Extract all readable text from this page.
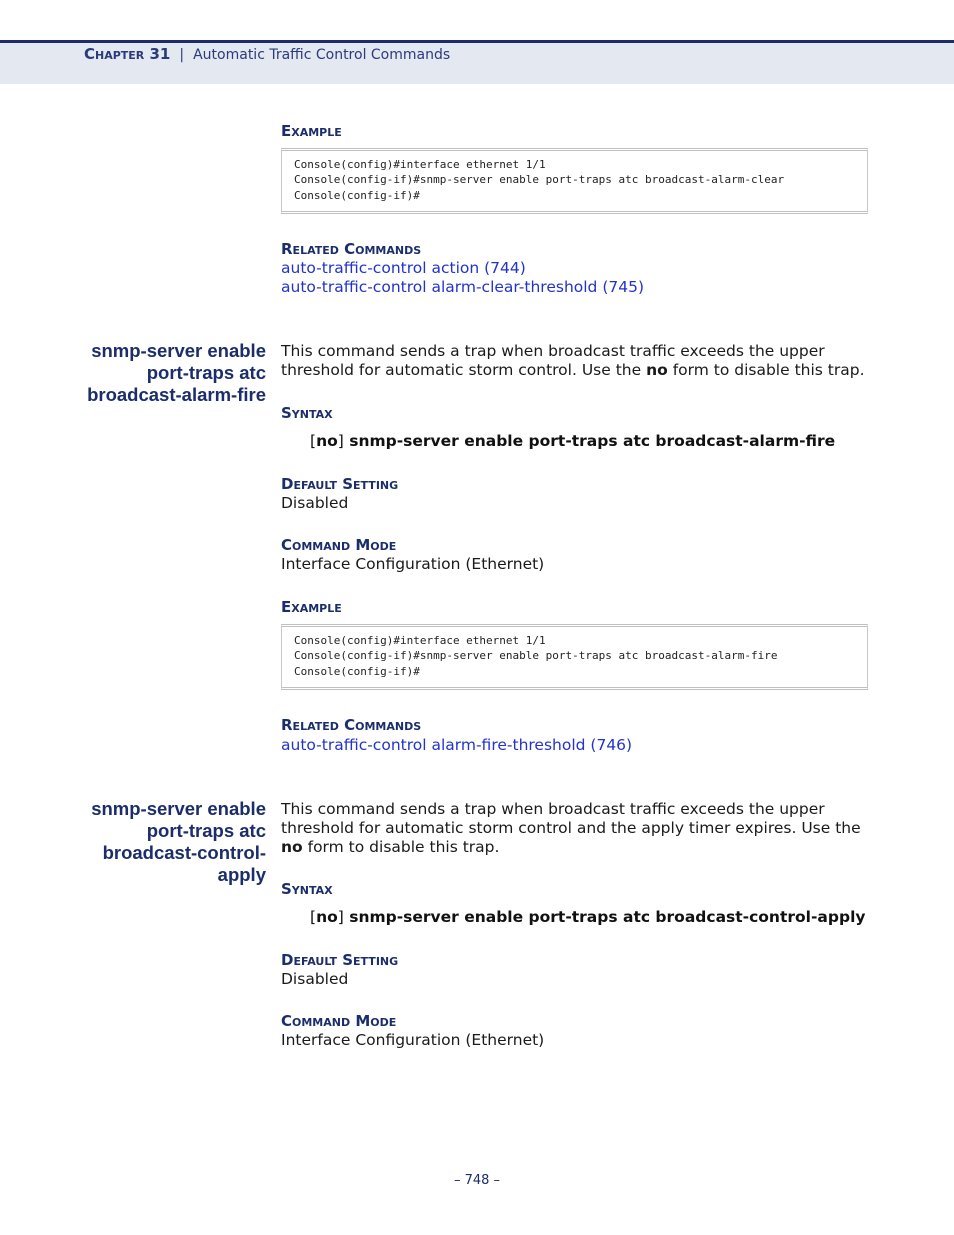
Chapter 31 | Automatic Traffic Control Commands
Example
Console(config)#interface ethernet 1/1
Console(config-if)#snmp-server enable port-traps atc broadcast-alarm-clear
Console(config-if)#
Related Commands
auto-traffic-control action (744)
auto-traffic-control alarm-clear-threshold (745)
snmp-server enable
port-traps atc
broadcast-alarm-fire
This command sends a trap when broadcast traffic exceeds the upper
threshold for automatic storm control. Use the no form to disable this trap.
Syntax
[no] snmp-server enable port-traps atc broadcast-alarm-fire
Default Setting
Disabled
Command Mode
Interface Configuration (Ethernet)
Example
Console(config)#interface ethernet 1/1
Console(config-if)#snmp-server enable port-traps atc broadcast-alarm-fire
Console(config-if)#
Related Commands
auto-traffic-control alarm-fire-threshold (746)
snmp-server enable
port-traps atc
broadcast-control-
apply
This command sends a trap when broadcast traffic exceeds the upper
threshold for automatic storm control and the apply timer expires. Use the
no form to disable this trap.
Syntax
[no] snmp-server enable port-traps atc broadcast-control-apply
Default Setting
Disabled
Command Mode
Interface Configuration (Ethernet)
– 748 –
